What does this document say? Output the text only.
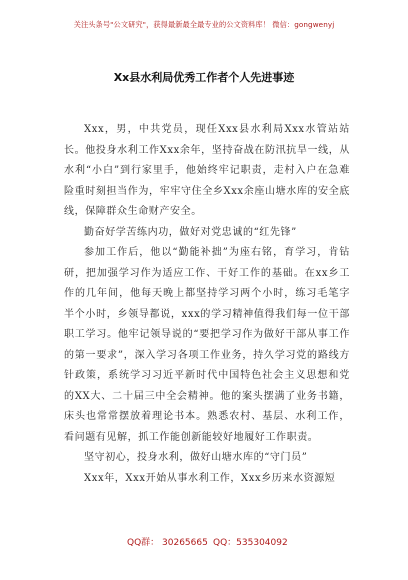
关注头条号"公文研究"，获得最新最全最专业的公文资料库！ 微信：gongwenyj
Xx县水利局优秀工作者个人先进事迹

Xxx，男，中共党员，现任Xxx县水利局Xxx水管站站长。他投身水利工作Xxx余年，坚持奋战在防汛抗旱一线，从水利“小白”到行家里手，他始终牢记职责，走村入户在急难险重时刻担当作为，牢牢守住全乡Xxx余座山塘水库的安全底线，保障群众生命财产安全。

勤奋好学苦练内功，做好对党忠诚的“红先锋”

参加工作后，他以“勤能补拙”为座右铭，育学习，肯钻研，把加强学习作为适应工作、干好工作的基础。在xx乡工作的几年间，他每天晚上都坚持学习两个小时，练习毛笔字半个小时，乡领导都说，xxx的学习精神值得我们每一位干部职工学习。他牢记领导说的“要把学习作为做好干部从事工作的第一要求”，深入学习各项工作业务，持久学习党的路线方针政策，系统学习习近平新时代中国特色社会主义思想和党的XX大、二十届三中全会精神。他的案头摆满了业务书籍，床头也常常摆放着理论书本。熟悉农村、基层、水利工作，看问题有见解，抓工作能创新能较好地履好工作职责。

坚守初心，投身水利，做好山塘水库的“守门员”

Xxx年，Xxx开始从事水利工作，Xxx乡历来水资源短

QQ群： 30265665 QQ：535304092
